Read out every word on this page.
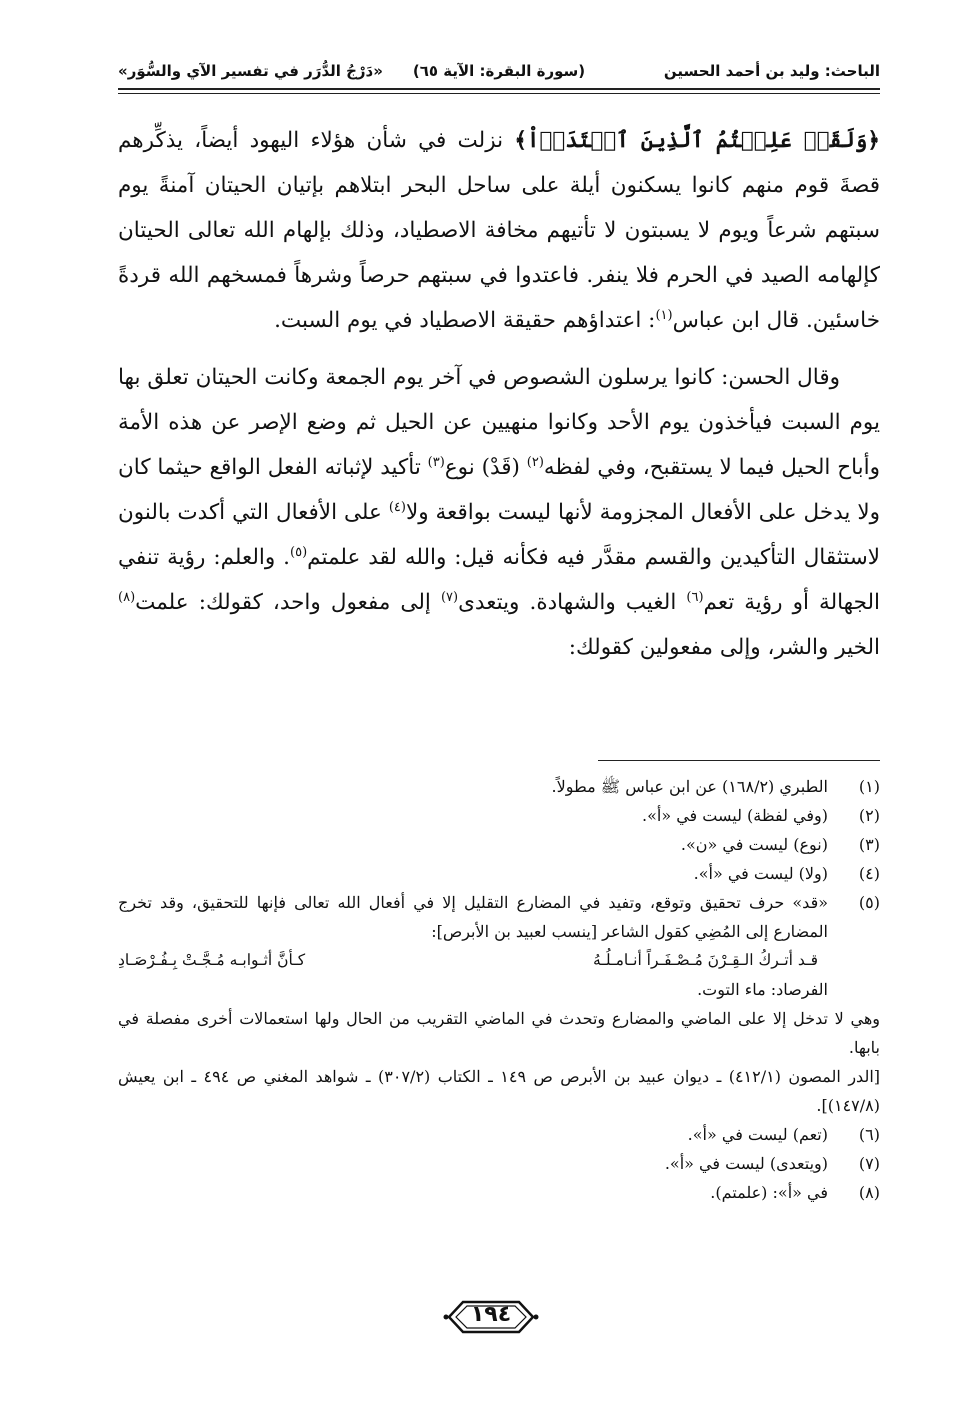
الباحث: وليد بن أحمد الحسين
(سورة البقرة: الآية ٦٥)
«دَرْجُ الدُّرَر في تفسير الآي والسُّوَر»

﴿وَلَقَدۡ عَلِمۡتُمُ ٱلَّذِينَ ٱعۡتَدَوۡاْ﴾ نزلت في شأن هؤلاء اليهود أيضاً، يذكِّرهم قصةَ قوم منهم كانوا يسكنون أيلة على ساحل البحر ابتلاهم بإتيان الحيتان آمنةً يوم سبتهم شرعاً ويوم لا يسبتون لا تأتيهم مخافة الاصطياد، وذلك بإلهام الله تعالى الحيتان كإلهامه الصيد في الحرم فلا ينفر. فاعتدوا في سبتهم حرصاً وشرهاً فمسخهم الله قردةً خاسئين. قال ابن عباس$^{(١)}$: اعتداؤهم حقيقة الاصطياد في يوم السبت.

وقال الحسن: كانوا يرسلون الشصوص في آخر يوم الجمعة وكانت الحيتان تعلق بها يوم السبت فيأخذون يوم الأحد وكانوا منهيين عن الحيل ثم وضع الإصر عن هذه الأمة وأباح الحيل فيما لا يستقبح، وفي لفظه$^{(٢)}$ (قَدْ) نوع$^{(٣)}$ تأكيد لإثباته الفعل الواقع حيثما كان ولا يدخل على الأفعال المجزومة لأنها ليست بواقعة ولا$^{(٤)}$ على الأفعال التي أكدت بالنون لاستثقال التأكيدين والقسم مقدَّر فيه فكأنه قيل: والله لقد علمتم$^{(٥)}$. والعلم: رؤية تنفي الجهالة أو رؤية تعم$^{(٦)}$ الغيب والشهادة. ويتعدى$^{(٧)}$ إلى مفعول واحد، كقولك: علمت$^{(٨)}$ الخير والشر، وإلى مفعولين كقولك:

(١)
الطبري (١٦٨/٢) عن ابن عباس ﷺ مطولاً.
(٢)
(وفي لفظة) ليست في «أ».
(٣)
(نوع) ليست في «ن».
(٤)
(ولا) ليست في «أ».
(٥)
«قد» حرف تحقيق وتوقع، وتفيد في المضارع التقليل إلا في أفعال الله تعالى فإنها للتحقيق، وقد تخرج المضارع إلى المُضِي كقول الشاعر [ينسب لعبيد بن الأبرص]:
قـد أتـركُ الـقِـرْنَ مُـصْـفَـراً أنـامـلُـهُ
كـأنَّ أثـوابـه مُـجَّـتْ بِـفُـرْصَـادِ
الفرصاد: ماء التوت.
وهي لا تدخل إلا على الماضي والمضارع وتحدث في الماضي التقريب من الحال ولها استعمالات أخرى مفصلة في بابها.
[الدر المصون (٤١٢/١) ـ ديوان عبيد بن الأبرص ص ١٤٩ ـ الكتاب (٣٠٧/٢) ـ شواهد المغني ص ٤٩٤ ـ ابن يعيش (١٤٧/٨)].
(٦)
(تعم) ليست في «أ».
(٧)
(ويتعدى) ليست في «أ».
(٨)
في «أ»: (علمتم).
١٩٤
